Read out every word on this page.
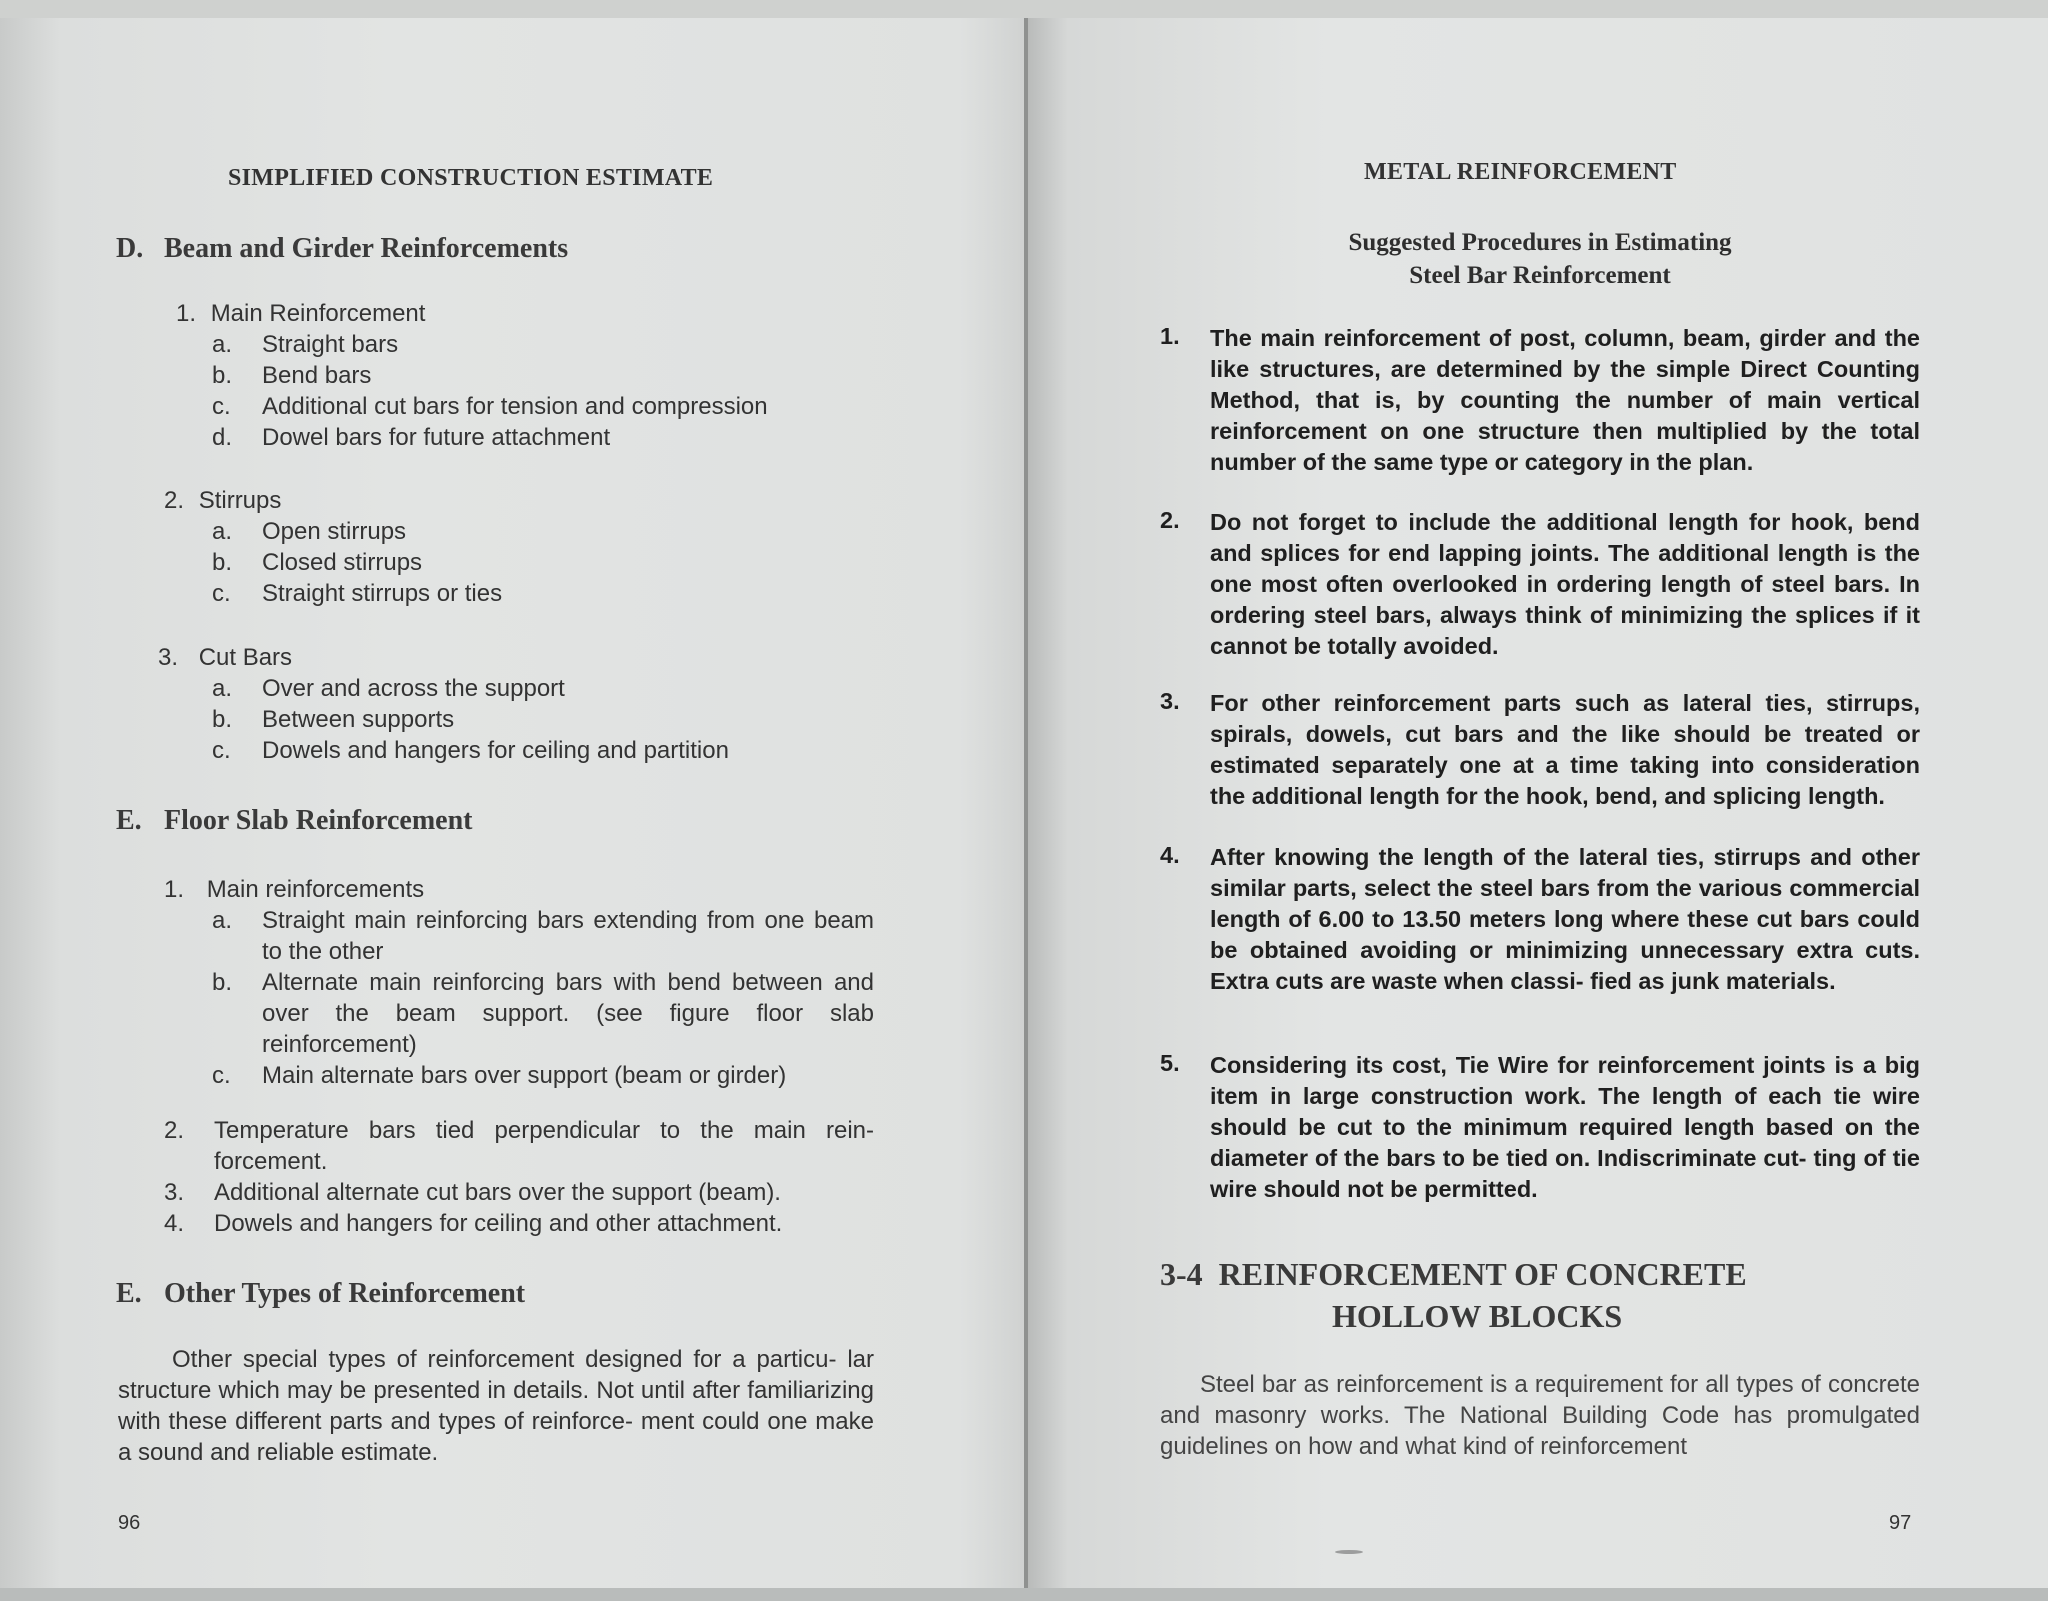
SIMPLIFIED CONSTRUCTION ESTIMATE
D. Beam and Girder Reinforcements
1. Main Reinforcement
a. Straight bars
b. Bend bars
c. Additional cut bars for tension and compression
d. Dowel bars for future attachment
2. Stirrups
a. Open stirrups
b. Closed stirrups
c. Straight stirrups or ties
3. Cut Bars
a. Over and across the support
b. Between supports
c. Dowels and hangers for ceiling and partition
E. Floor Slab Reinforcement
1. Main reinforcements
a. Straight main reinforcing bars extending from one beam to the other
b. Alternate main reinforcing bars with bend between and over the beam support. (see figure floor slab reinforcement)
c. Main alternate bars over support (beam or girder)
2. Temperature bars tied perpendicular to the main rein- forcement.
3. Additional alternate cut bars over the support (beam).
4. Dowels and hangers for ceiling and other attachment.
E. Other Types of Reinforcement
Other special types of reinforcement designed for a particu- lar structure which may be presented in details. Not until after familiarizing with these different parts and types of reinforce- ment could one make a sound and reliable estimate.
96
METAL REINFORCEMENT
Suggested Procedures in Estimating
Steel Bar Reinforcement
1. The main reinforcement of post, column, beam, girder and the like structures, are determined by the simple Direct Counting Method, that is, by counting the number of main vertical reinforcement on one structure then multiplied by the total number of the same type or category in the plan.
2. Do not forget to include the additional length for hook, bend and splices for end lapping joints. The additional length is the one most often overlooked in ordering length of steel bars. In ordering steel bars, always think of minimizing the splices if it cannot be totally avoided.
3. For other reinforcement parts such as lateral ties, stirrups, spirals, dowels, cut bars and the like should be treated or estimated separately one at a time taking into consideration the additional length for the hook, bend, and splicing length.
4. After knowing the length of the lateral ties, stirrups and other similar parts, select the steel bars from the various commercial length of 6.00 to 13.50 meters long where these cut bars could be obtained avoiding or minimizing unnecessary extra cuts. Extra cuts are waste when classi- fied as junk materials.
5. Considering its cost, Tie Wire for reinforcement joints is a big item in large construction work. The length of each tie wire should be cut to the minimum required length based on the diameter of the bars to be tied on. Indiscriminate cut- ting of tie wire should not be permitted.
3-4 REINFORCEMENT OF CONCRETE
HOLLOW BLOCKS
Steel bar as reinforcement is a requirement for all types of concrete and masonry works. The National Building Code has promulgated guidelines on how and what kind of reinforcement
97
